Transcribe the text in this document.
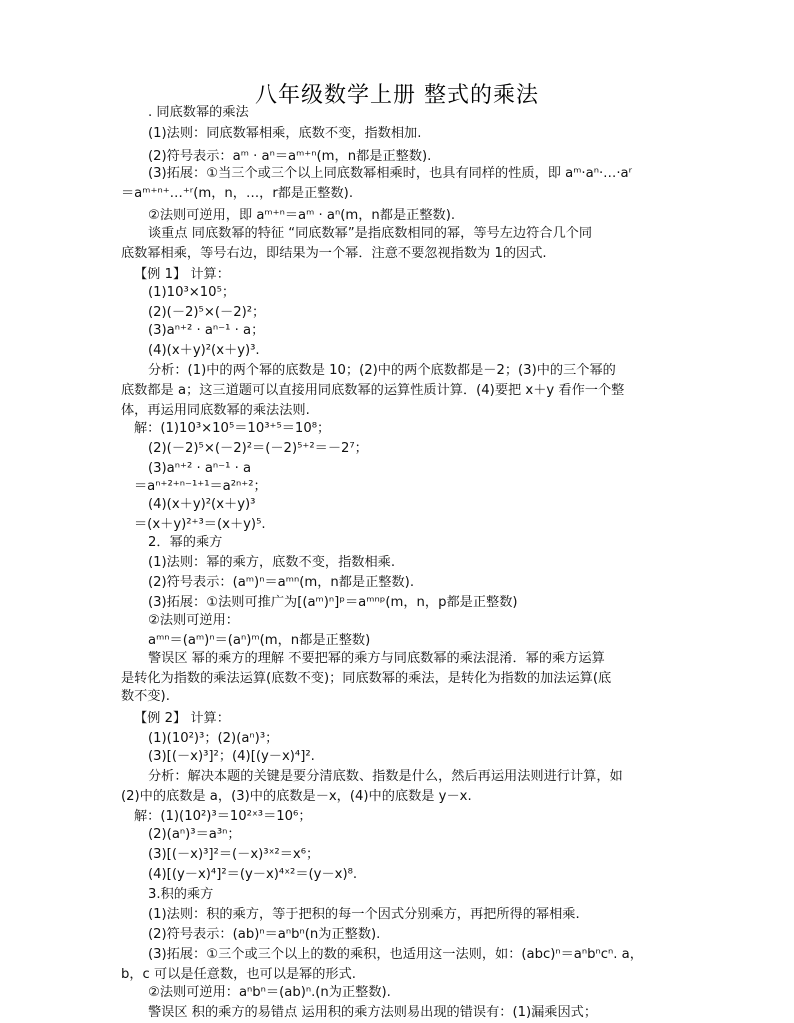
八年级数学上册 整式的乘法
. 同底数幂的乘法
(1)法则：同底数幂相乘，底数不变，指数相加.
(2)符号表示：aᵐ · aⁿ＝aᵐ⁺ⁿ(m，n都是正整数).
(3)拓展：①当三个或三个以上同底数幂相乘时，也具有同样的性质，即 aᵐ·aⁿ·…·aʳ
＝aᵐ⁺ⁿ⁺…⁺ʳ(m，n，…，r都是正整数).
②法则可逆用，即 aᵐ⁺ⁿ＝aᵐ · aⁿ(m，n都是正整数).
谈重点 同底数幂的特征 “同底数幂”是指底数相同的幂，等号左边符合几个同
底数幂相乘，等号右边，即结果为一个幂．注意不要忽视指数为 1的因式.
【例 1】 计算：
(1)10³×10⁵；
(2)(－2)⁵×(－2)²；
(3)aⁿ⁺² · aⁿ⁻¹ · a；
(4)(x＋y)²(x＋y)³.
分析：(1)中的两个幂的底数是 10；(2)中的两个底数都是－2；(3)中的三个幂的
底数都是 a；这三道题可以直接用同底数幂的运算性质计算．(4)要把 x＋y 看作一个整
体，再运用同底数幂的乘法法则.
解：(1)10³×10⁵＝10³⁺⁵＝10⁸；
(2)(－2)⁵×(－2)²＝(－2)⁵⁺²＝－2⁷；
(3)aⁿ⁺² · aⁿ⁻¹ · a
＝aⁿ⁺²⁺ⁿ⁻¹⁺¹＝a²ⁿ⁺²；
(4)(x＋y)²(x＋y)³
＝(x＋y)²⁺³＝(x＋y)⁵.
2．幂的乘方
(1)法则：幂的乘方，底数不变，指数相乘.
(2)符号表示：(aᵐ)ⁿ＝aᵐⁿ(m，n都是正整数).
(3)拓展：①法则可推广为[(aᵐ)ⁿ]ᵖ＝aᵐⁿᵖ(m，n，p都是正整数)
②法则可逆用：
aᵐⁿ＝(aᵐ)ⁿ＝(aⁿ)ᵐ(m，n都是正整数)
警误区 幂的乘方的理解 不要把幂的乘方与同底数幂的乘法混淆．幂的乘方运算
是转化为指数的乘法运算(底数不变)；同底数幂的乘法，是转化为指数的加法运算(底
数不变).
【例 2】 计算：
(1)(10²)³；(2)(aⁿ)³；
(3)[(－x)³]²；(4)[(y－x)⁴]².
分析：解决本题的关键是要分清底数、指数是什么，然后再运用法则进行计算，如
(2)中的底数是 a，(3)中的底数是－x，(4)中的底数是 y－x.
解：(1)(10²)³＝10²ˣ³＝10⁶；
(2)(aⁿ)³＝a³ⁿ；
(3)[(－x)³]²＝(－x)³ˣ²＝x⁶；
(4)[(y－x)⁴]²＝(y－x)⁴ˣ²＝(y－x)⁸.
3.积的乘方
(1)法则：积的乘方，等于把积的每一个因式分别乘方，再把所得的幂相乘.
(2)符号表示：(ab)ⁿ＝aⁿbⁿ(n为正整数).
(3)拓展：①三个或三个以上的数的乘积，也适用这一法则，如：(abc)ⁿ＝aⁿbⁿcⁿ. a，
b，c 可以是任意数，也可以是幂的形式.
②法则可逆用：aⁿbⁿ＝(ab)ⁿ.(n为正整数).
警误区 积的乘方的易错点 运用积的乘方法则易出现的错误有：(1)漏乘因式；
